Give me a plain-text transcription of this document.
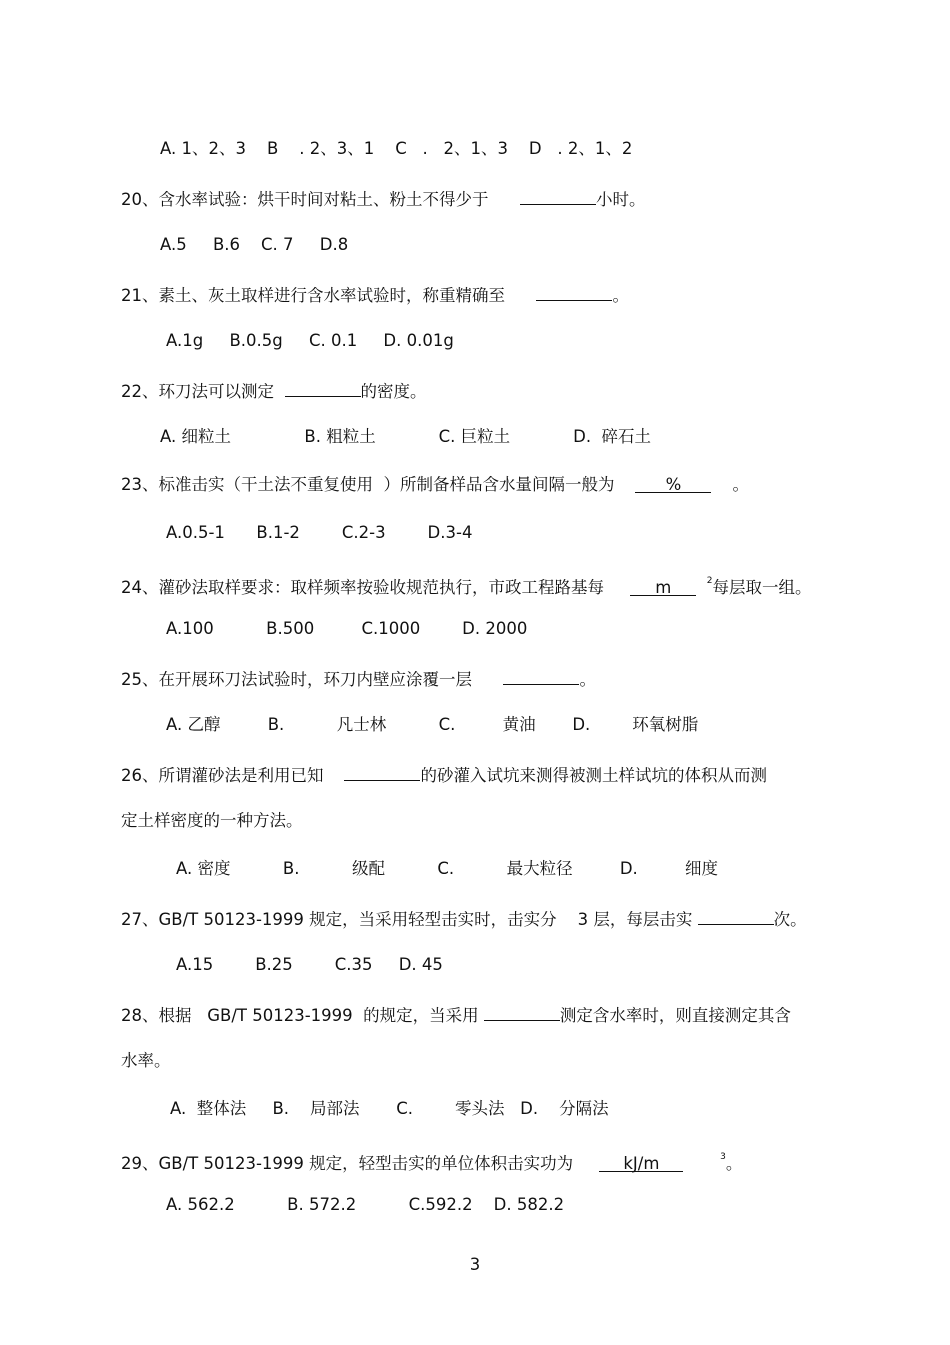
A. 1、2、3    B    . 2、3、1    C   .   2、1、3    D   . 2、1、2
20、含水率试验：烘干时间对粘土、粉土不得少于	小时。
A.5     B.6    C. 7     D.8
21、素土、灰土取样进行含水率试验时，称重精确至	。
A.1g     B.0.5g     C. 0.1     D. 0.01g
22、环刀法可以测定	的密度。
A. 细粒土              B. 粗粒土            C. 巨粒土            D.  碎石土
23、标准击实（干土法不重复使用  ）所制备样品含水量间隔一般为	%	。
A.0.5-1      B.1-2        C.2-3        D.3-4
24、灌砂法取样要求：取样频率按验收规范执行，市政工程路基每	m	$^2$每层取一组。
A.100          B.500         C.1000        D. 2000
25、在开展环刀法试验时，环刀内壁应涂覆一层	。
A. 乙醇         B.          凡士林          C.         黄油       D.        环氧树脂
26、所谓灌砂法是利用已知	的砂灌入试坑来测得被测土样试坑的体积从而测
定土样密度的一种方法。
A. 密度          B.          级配          C.          最大粒径         D.         细度
27、GB/T 50123-1999 规定，当采用轻型击实时，击实分    3 层，每层击实	次。
A.15        B.25        C.35     D. 45
28、根据   GB/T 50123-1999  的规定，当采用	测定含水率时，则直接测定其含
水率。
A.  整体法     B.    局部法       C.        零头法   D.    分隔法
29、GB/T 50123-1999 规定，轻型击实的单位体积击实功为	kJ/m	$^3$。
A. 562.2          B. 572.2          C.592.2    D. 582.2
3
